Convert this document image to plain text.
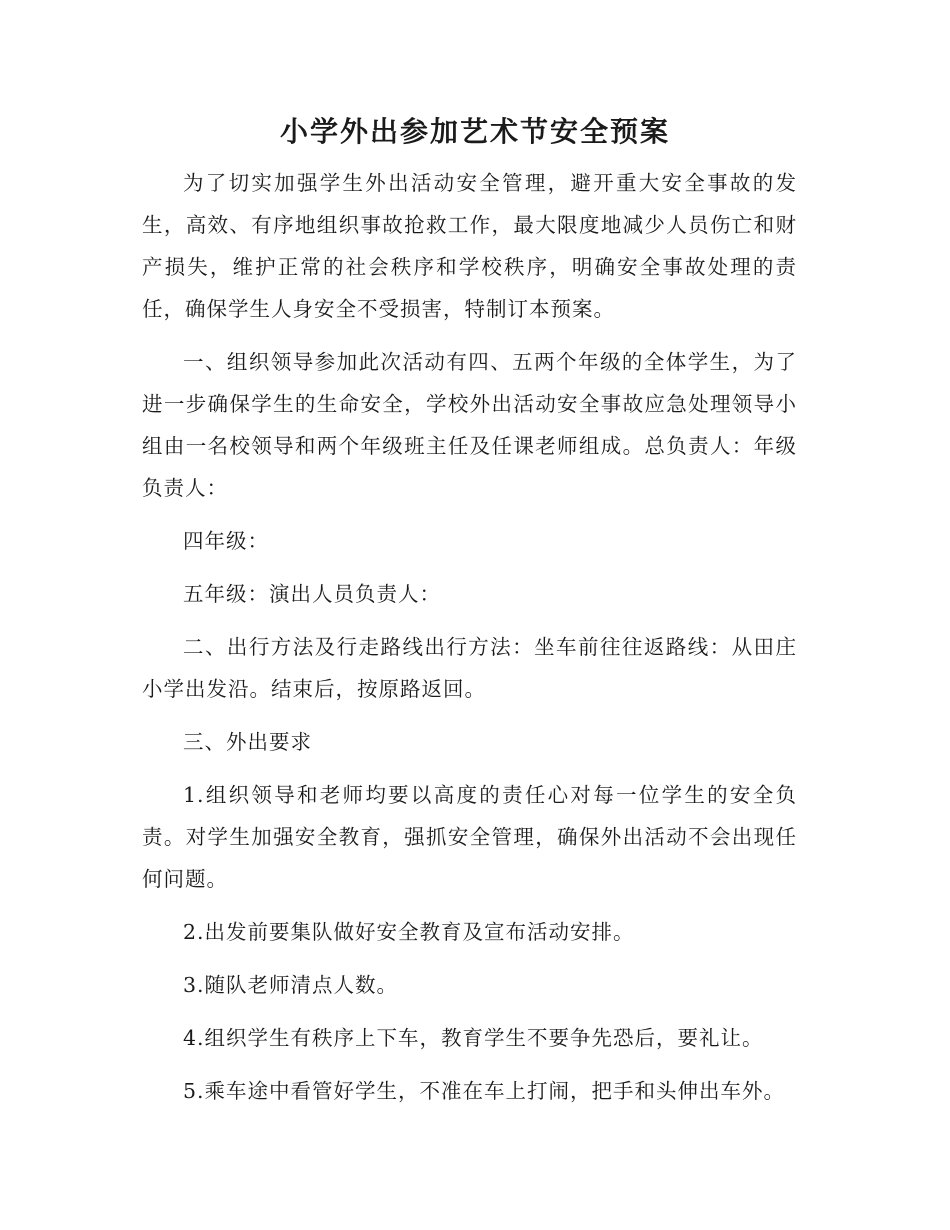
小学外出参加艺术节安全预案

为了切实加强学生外出活动安全管理，避开重大安全事故的发生，高效、有序地组织事故抢救工作，最大限度地减少人员伤亡和财产损失，维护正常的社会秩序和学校秩序，明确安全事故处理的责任，确保学生人身安全不受损害，特制订本预案。

一、组织领导参加此次活动有四、五两个年级的全体学生，为了进一步确保学生的生命安全，学校外出活动安全事故应急处理领导小组由一名校领导和两个年级班主任及任课老师组成。总负责人：年级负责人：

四年级：

五年级：演出人员负责人：

二、出行方法及行走路线出行方法：坐车前往往返路线：从田庄小学出发沿。结束后，按原路返回。

三、外出要求

1.组织领导和老师均要以高度的责任心对每一位学生的安全负责。对学生加强安全教育，强抓安全管理，确保外出活动不会出现任何问题。

2.出发前要集队做好安全教育及宣布活动安排。

3.随队老师清点人数。

4.组织学生有秩序上下车，教育学生不要争先恐后，要礼让。

5.乘车途中看管好学生，不准在车上打闹，把手和头伸出车外。
